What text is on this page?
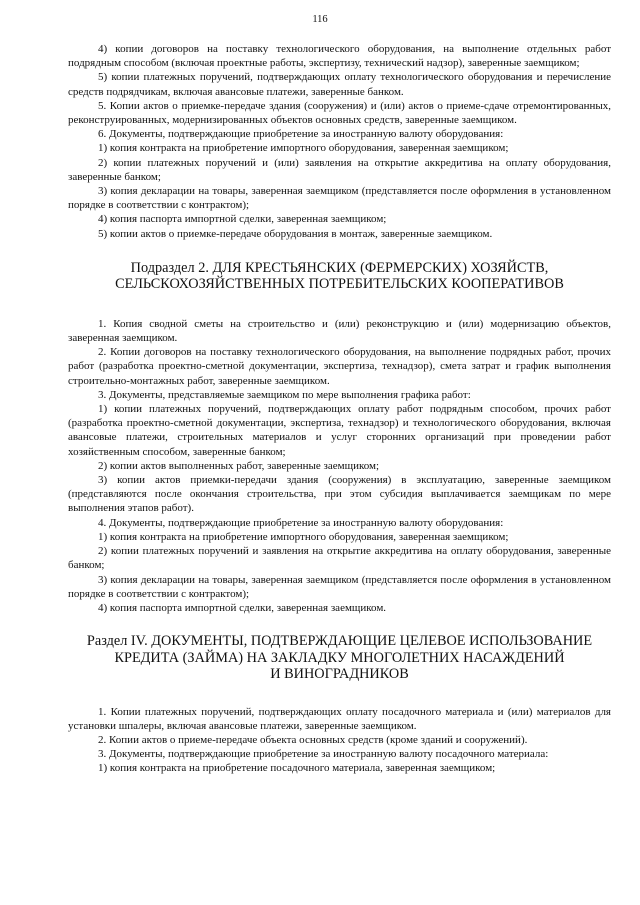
116

4) копии договоров на поставку технологического оборудования, на выполнение отдельных работ подрядным способом (включая проектные работы, экспертизу, технический надзор), заверенные заемщиком;

5) копии платежных поручений, подтверждающих оплату технологического оборудования и перечисление средств подрядчикам, включая авансовые платежи, заверенные банком.

5. Копии актов о приемке-передаче здания (сооружения) и (или) актов о приеме-сдаче отремонтированных, реконструированных, модернизированных объектов основных средств, заверенные заемщиком.

6. Документы, подтверждающие приобретение за иностранную валюту оборудования:

1) копия контракта на приобретение импортного оборудования, заверенная заемщиком;

2) копии платежных поручений и (или) заявления на открытие аккредитива на оплату оборудования, заверенные банком;

3) копия декларации на товары, заверенная заемщиком (представляется после оформления в установленном порядке в соответствии с контрактом);

4) копия паспорта импортной сделки, заверенная заемщиком;

5) копии актов о приемке-передаче оборудования в монтаж, заверенные заемщиком.

Подраздел 2. ДЛЯ КРЕСТЬЯНСКИХ (ФЕРМЕРСКИХ) ХОЗЯЙСТВ,
СЕЛЬСКОХОЗЯЙСТВЕННЫХ ПОТРЕБИТЕЛЬСКИХ КООПЕРАТИВОВ

1. Копия сводной сметы на строительство и (или) реконструкцию и (или) модернизацию объектов, заверенная заемщиком.

2. Копии договоров на поставку технологического оборудования, на выполнение подрядных работ, прочих работ (разработка проектно-сметной документации, экспертиза, технадзор), смета затрат и график выполнения строительно-монтажных работ, заверенные заемщиком.

3. Документы, представляемые заемщиком по мере выполнения графика работ:

1) копии платежных поручений, подтверждающих оплату работ подрядным способом, прочих работ (разработка проектно-сметной документации, экспертиза, технадзор) и технологического оборудования, включая авансовые платежи, строительных материалов и услуг сторонних организаций при проведении работ хозяйственным способом, заверенные банком;

2) копии актов выполненных работ, заверенные заемщиком;

3) копии актов приемки-передачи здания (сооружения) в эксплуатацию, заверенные заемщиком (представляются после окончания строительства, при этом субсидия выплачивается заемщикам по мере выполнения этапов работ).

4. Документы, подтверждающие приобретение за иностранную валюту оборудования:

1) копия контракта на приобретение импортного оборудования, заверенная заемщиком;

2) копии платежных поручений и заявления на открытие аккредитива на оплату оборудования, заверенные банком;

3) копия декларации на товары, заверенная заемщиком (представляется после оформления в установленном порядке в соответствии с контрактом);

4) копия паспорта импортной сделки, заверенная заемщиком.

Раздел IV. ДОКУМЕНТЫ, ПОДТВЕРЖДАЮЩИЕ ЦЕЛЕВОЕ ИСПОЛЬЗОВАНИЕ
КРЕДИТА (ЗАЙМА) НА ЗАКЛАДКУ МНОГОЛЕТНИХ НАСАЖДЕНИЙ
И ВИНОГРАДНИКОВ

1. Копии платежных поручений, подтверждающих оплату посадочного материала и (или) материалов для установки шпалеры, включая авансовые платежи, заверенные заемщиком.

2. Копии актов о приеме-передаче объекта основных средств (кроме зданий и сооружений).

3. Документы, подтверждающие приобретение за иностранную валюту посадочного материала:

1) копия контракта на приобретение посадочного материала, заверенная заемщиком;
